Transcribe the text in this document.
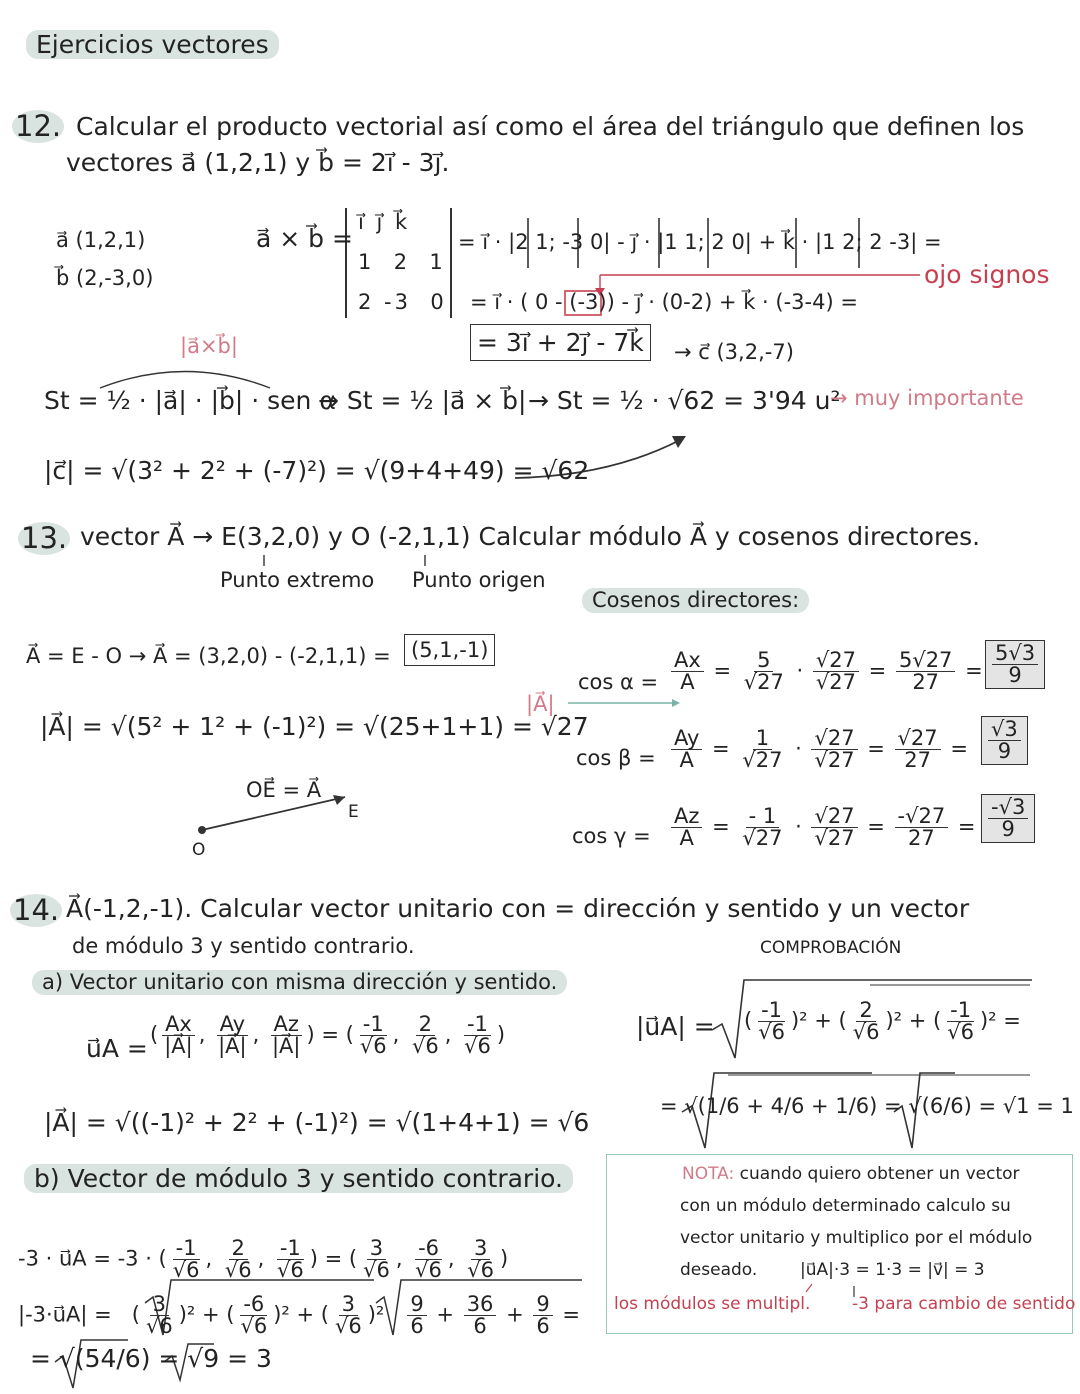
Ejercicios vectores
12. Calcular el producto vectorial así como el área del triángulo que definen los
vectores a⃗ (1,2,1) y b⃗ = 2i⃗ - 3j⃗.
a⃗ (1,2,1)
b⃗ (2,-3,0)
a⃗ × b⃗ =
i⃗ j⃗ k⃗
1  2  1
2 -3  0
= i⃗ · |2 1; -3 0| - j⃗ · |1 1; 2 0| + k⃗ · |1 2; 2 -3| =
= i⃗ · ( 0 - (-3)) - j⃗ · (0-2) + k⃗ · (-3-4) =
= 3i⃗ + 2j⃗ - 7k⃗	→ c⃗ (3,2,-7)
ojo signos
|a⃗×b⃗|
St = ½ · |a⃗| · |b⃗| · sen α
→ St = ½ |a⃗ × b⃗| → St = ½ · √62 = 3'94 u²
→ muy importante
|c⃗| = √(3² + 2² + (-7)²) = √(9+4+49) = √62
13. vector A⃗ → E(3,2,0) y O (-2,1,1) Calcular módulo A⃗ y cosenos directores.
Punto extremo Punto origen
Cosenos directores:
A⃗ = E - O → A⃗ = (3,2,0) - (-2,1,1) = (5,1,-1)
|A⃗| = √(5² + 1² + (-1)²) = √(25+1+1) = √27
|A⃗|
OE⃗ = A⃗
E
O
$\cos \alpha = \frac{Ax}{A} = \frac{5}{√27} \cdot \frac{√27}{√27} = \frac{5√27}{27} = \frac{5√3}{9}$
$\cos \beta = \frac{Ay}{A} = \frac{1}{√27} \cdot \frac{√27}{√27} = \frac{√27}{27} = \frac{√3}{9}$
$\cos \gamma = \frac{Az}{A} = \frac{- 1}{√27} \cdot \frac{√27}{√27} = \frac{-√27}{27} = \frac{-√3}{9}$
14. A⃗(-1,2,-1). Calcular vector unitario con = dirección y sentido y un vector
de módulo 3 y sentido contrario.	COMPROBACIÓN
a) Vector unitario con misma dirección y sentido.
u⃗A = ( $\frac{Ax}{|A⃗|}$ , $\frac{Ay}{|A⃗|}$ , $\frac{Az}{|A⃗|}$ ) = ( $\frac{-1}{√6}$ , $\frac{2}{√6}$ , $\frac{-1}{√6}$ )
|A⃗| = √((-1)² + 2² + (-1)²) = √(1+4+1) = √6
|u⃗A| = ( $\frac{-1}{√6} )^2$ + ( $\frac{2}{√6} )^2$ + ( $\frac{-1}{√6} )^2$ =
= √(1/6 + 4/6 + 1/6) = √(6/6) = √1 = 1
b) Vector de módulo 3 y sentido contrario.
-3 · u⃗A = -3 · ( $\frac{-1}{√6}$ , $\frac{2}{√6}$ , $\frac{-1}{√6}$ ) = ( $\frac{3}{√6}$ , $\frac{-6}{√6}$ , $\frac{3}{√6}$ )
|-3·u⃗A| =   ( $\frac{3}{√6} )^2$ + ( $\frac{-6}{√6} )^2$ + ( $\frac{3}{√6} )^2 \frac{9}{6} + \frac{36}{6} + \frac{9}{6}$ =
= √(54/6) = √9 = 3
NOTA: cuando quiero obtener un vector
con un módulo determinado calculo su
vector unitario y multiplico por el módulo
deseado.	|u⃗A|·3 = 1·3 = |v⃗| = 3
los módulos se multipl. -3 para cambio de sentido
